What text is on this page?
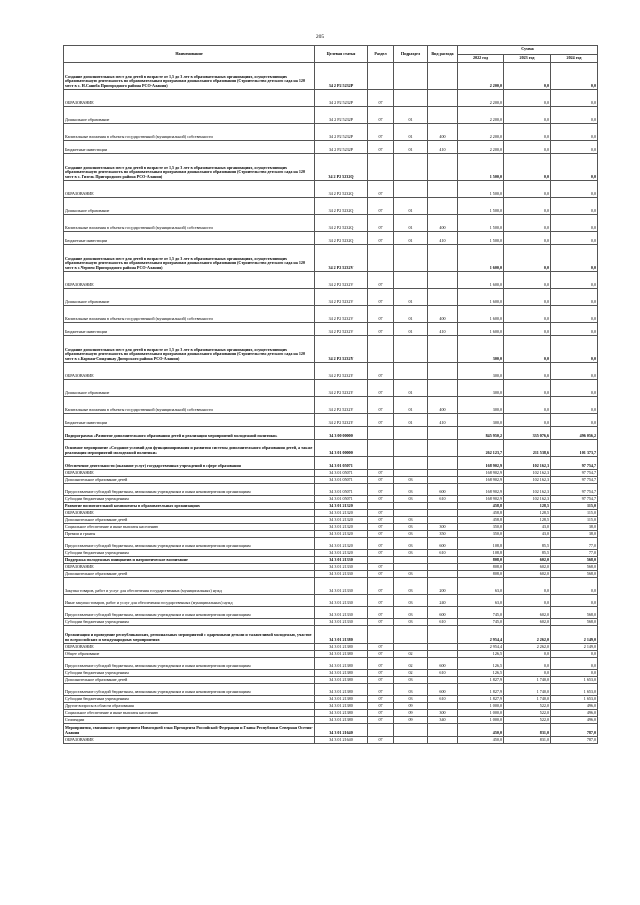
205
Наименование	Целевая статья	Раздел	Подраздел	Вид расхода	Сумма		
					2022 год	2023 год	2024 год
Создание дополнительных мест для детей в возрасте от 1,5 до 3 лет в образовательных организациях, осуществляющих образовательную деятельность по образовательным программам дошкольного образования (Строительство детского сада на 120 мест в с. Н.Саниба Пригородного района РСО-Алания)	34 2 P2 5232P				2 200,0	0,0	0,0
ОБРАЗОВАНИЕ	34 2 P2 5232P	07			2 200,0	0,0	0,0
Дошкольное образование	34 2 P2 5232P	07	01		2 200,0	0,0	0,0
Капитальные вложения в объекты государственной (муниципальной) собственности	34 2 P2 5232P	07	01	400	2 200,0	0,0	0,0
Бюджетные инвестиции	34 2 P2 5232P	07	01	410	2 200,0	0,0	0,0
Создание дополнительных мест для детей в возрасте от 1,5 до 3 лет в образовательных организациях, осуществляющих образовательную деятельность по образовательным программам дошкольного образования (Строительство детского сада на 120 мест в с. Гизель Пригородного района РСО-Алания)	34 2 P2 5232Q				1 500,0	0,0	0,0
ОБРАЗОВАНИЕ	34 2 P2 5232Q	07			1 500,0	0,0	0,0
Дошкольное образование	34 2 P2 5232Q	07	01		1 500,0	0,0	0,0
Капитальные вложения в объекты государственной (муниципальной) собственности	34 2 P2 5232Q	07	01	400	1 500,0	0,0	0,0
Бюджетные инвестиции	34 2 P2 5232Q	07	01	410	1 500,0	0,0	0,0
Создание дополнительных мест для детей в возрасте от 1,5 до 3 лет в образовательных организациях, осуществляющих образовательную деятельность по образовательным программам дошкольного образования (Строительство детского сада на 120 мест в с.Чермен Пригородного района РСО-Алания)	34 2 P2 5232V				1 600,0	0,0	0,0
ОБРАЗОВАНИЕ	34 2 P2 5232V	07			1 600,0	0,0	0,0
Дошкольное образование	34 2 P2 5232V	07	01		1 600,0	0,0	0,0
Капитальные вложения в объекты государственной (муниципальной) собственности	34 2 P2 5232V	07	01	400	1 600,0	0,0	0,0
Бюджетные инвестиции	34 2 P2 5232V	07	01	410	1 600,0	0,0	0,0
Создание дополнительных мест для детей в возрасте от 1,5 до 3 лет в образовательных организациях, осуществляющих образовательную деятельность по образовательным программам дошкольного образования (Строительство детского сада на 120 мест в с.Карман-Синдзикау Дигорского района РСО-Алания)	34 2 P2 5232Y				300,0	0,0	0,0
ОБРАЗОВАНИЕ	34 2 P2 5232Y	07			300,0	0,0	0,0
Дошкольное образование	34 2 P2 5232Y	07	01		300,0	0,0	0,0
Капитальные вложения в объекты государственной (муниципальной) собственности	34 2 P2 5232Y	07	01	400	300,0	0,0	0,0
Бюджетные инвестиции	34 2 P2 5232Y	07	01	410	300,0	0,0	0,0
Подпрограмма «Развитие дополнительного образования детей и реализация мероприятий молодежной политики»	34 3 00 00000				845 950,2	335 076,6	496 056,2
Основное мероприятие «Создание условий для функционирования и развития системы дополнительного образования детей, а также реализация мероприятий молодежной политики»	34 3 01 00000				262 123,7	211 538,6	101 373,7
Обеспечение деятельности (оказание услуг) государственных учреждений в сфере образования	34 3 01 05071				168 902,9	102 162,3	97 754,7
ОБРАЗОВАНИЕ	34 3 01 05071	07			168 902,9	102 162,3	97 754,7
Дополнительное образование детей	34 3 01 05071	07	03		168 902,9	102 162,3	97 754,7
Предоставление субсидий бюджетным, автономным учреждениям и иным некоммерческим организациям	34 3 01 05071	07	03	600	168 902,9	102 162,3	97 754,7
Субсидии бюджетным учреждениям	34 3 01 05071	07	03	610	168 902,9	102 162,3	97 754,7
Развитие воспитательной компоненты в образовательных организациях	34 3 01 21320				458,8	128,5	115,0
ОБРАЗОВАНИЕ	34 3 01 21320	07			458,8	128,5	115,0
Дополнительное образование детей	34 3 01 21320	07	03		458,8	128,5	115,0
Социальное обеспечение и иные выплаты населению	34 3 01 21320	07	03	300	350,0	43,0	38,0
Премии и гранты	34 3 01 21320	07	03	350	350,0	43,0	38,0
Предоставление субсидий бюджетным, автономным учреждениям и иным некоммерческим организациям	34 3 01 21320	07	03	600	108,8	85,5	77,0
Субсидии бюджетным учреждениям	34 3 01 21320	07	03	610	108,8	85,5	77,0
Поддержка молодежных инициатив и патриотическое воспитание	34 3 01 21330				808,0	602,0	568,0
ОБРАЗОВАНИЕ	34 3 01 21330	07			808,0	602,0	568,0
Дополнительное образование детей	34 3 01 21330	07	03		808,0	602,0	568,0
Закупка товаров, работ и услуг для обеспечения государственных (муниципальных) нужд	34 3 01 21330	07	03	200	63,0	0,0	0,0
Иные закупки товаров, работ и услуг для обеспечения государственных (муниципальных) нужд	34 3 01 21330	07	03	240	63,0	0,0	0,0
Предоставление субсидий бюджетным, автономным учреждениям и иным некоммерческим организациям	34 3 01 21330	07	03	600	745,0	602,0	568,0
Субсидии бюджетным учреждениям	34 3 01 21330	07	03	610	745,0	602,0	568,0
Организация и проведение республиканских, региональных мероприятий с одаренными детьми и талантливой молодежью, участие во всероссийских и международных мероприятиях	34 3 01 21380				2 954,4	2 262,0	2 149,0
ОБРАЗОВАНИЕ	34 3 01 21380	07			2 954,4	2 262,0	2 149,0
Общее образование	34 3 01 21380	07	02		126,5	0,0	0,0
Предоставление субсидий бюджетным, автономным учреждениям и иным некоммерческим организациям	34 3 01 21380	07	02	600	126,5	0,0	0,0
Субсидии бюджетным учреждениям	34 3 01 21380	07	02	610	126,5	0,0	0,0
Дополнительное образование детей	34 3 01 21380	07	03		1 827,9	1 740,0	1 653,0
Предоставление субсидий бюджетным, автономным учреждениям и иным некоммерческим организациям	34 3 01 21380	07	03	600	1 827,9	1 740,0	1 653,0
Субсидии бюджетным учреждениям	34 3 01 21380	07	03	610	1 827,9	1 740,0	1 653,0
Другие вопросы в области образования	34 3 01 21380	07	09		1 000,0	522,0	496,0
Социальное обеспечение и иные выплаты населению	34 3 01 21380	07	09	300	1 000,0	522,0	496,0
Стипендии	34 3 01 21380	07	09	340	1 000,0	522,0	496,0
Мероприятия, связанные с проведением Новогодней елки Президента Российской Федерации и Главы Республики Северная Осетия-Алания	34 3 01 21640				450,0	831,0	787,0
ОБРАЗОВАНИЕ	34 3 01 21640	07			450,0	831,0	787,0
